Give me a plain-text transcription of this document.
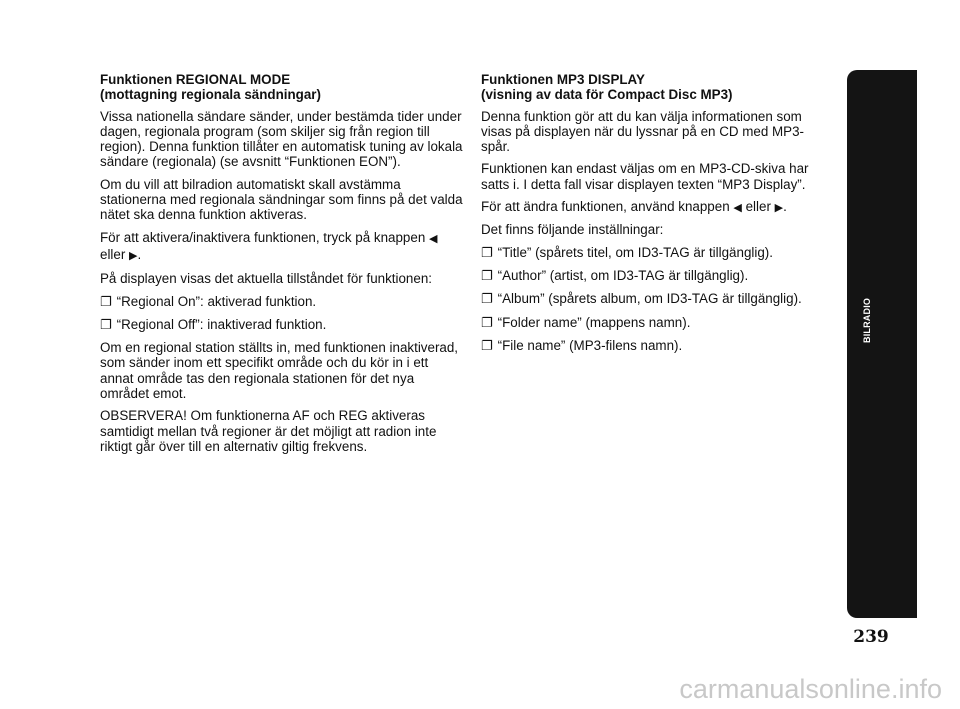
Funktionen REGIONAL MODE
(mottagning regionala sändningar)

Vissa nationella sändare sänder, under bestämda tider under dagen, regionala program (som skiljer sig från region till region). Denna funktion tillåter en automatisk tuning av lokala sändare (regionala) (se avsnitt “Funktionen EON”).

Om du vill att bilradion automatiskt skall avstämma stationerna med regionala sändningar som finns på det valda nätet ska denna funktion aktiveras.

För att aktivera/inaktivera funktionen, tryck på knappen ◀ eller ▶.

På displayen visas det aktuella tillståndet för funktionen:

❐ “Regional On”: aktiverad funktion.

❐ “Regional Off”: inaktiverad funktion.

Om en regional station ställts in, med funktionen inaktiverad, som sänder inom ett specifikt område och du kör in i ett annat område tas den regionala stationen för det nya området emot.

OBSERVERA! Om funktionerna AF och REG aktiveras samtidigt mellan två regioner är det möjligt att radion inte riktigt går över till en alternativ giltig frekvens.

Funktionen MP3 DISPLAY
(visning av data för Compact Disc MP3)

Denna funktion gör att du kan välja informationen som visas på displayen när du lyssnar på en CD med MP3-spår.

Funktionen kan endast väljas om en MP3-CD-skiva har satts i. I detta fall visar displayen texten “MP3 Display”.

För att ändra funktionen, använd knappen ◀ eller ▶.

Det finns följande inställningar:

❐ “Title” (spårets titel, om ID3-TAG är tillgänglig).

❐ “Author” (artist, om ID3-TAG är tillgänglig).

❐ “Album” (spårets album, om ID3-TAG är tillgänglig).

❐ “Folder name” (mappens namn).

❐ “File name” (MP3-filens namn).

BILRADIO
239
carmanualsonline.info
